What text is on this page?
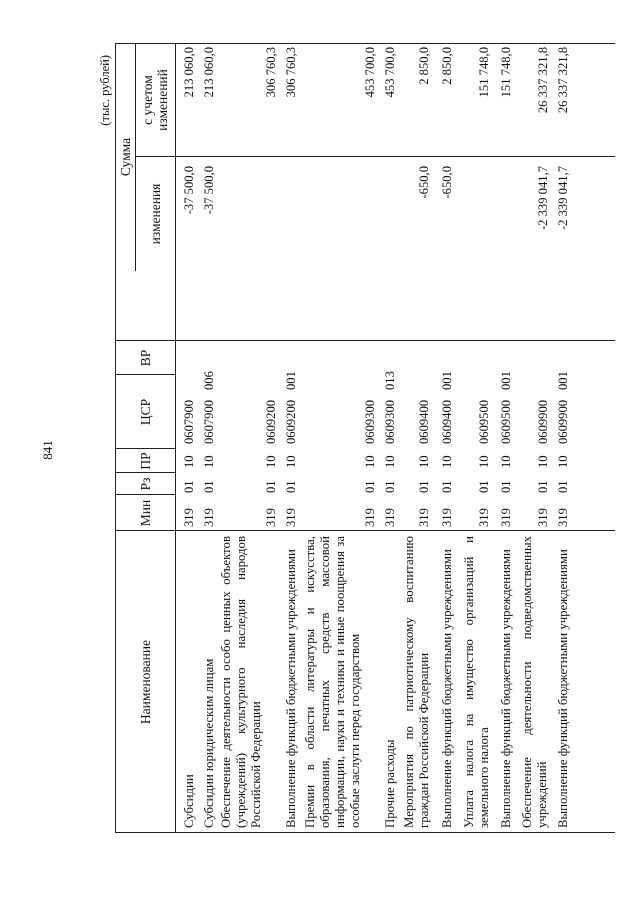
841
(тыс. рублей)
Наименование
Мин
Рз
ПР
ЦСР
ВР
Сумма
изменения
с учетом изменений
Субсидии
319
01
10
0607900
-37 500,0
213 060,0
Субсидии юридическим лицам
319
01
10
0607900
006
-37 500,0
213 060,0
Обеспечение деятельности особо ценных объектов (учреждений) культурного наследия народов Российской Федерации
319
01
10
0609200
306 760,3
Выполнение функций бюджетными учреждениями
319
01
10
0609200
001
306 760,3
Премии в области литературы и искусства, образования, печатных средств массовой информации, науки и техники и иные поощрения за особые заслуги перед государством
319
01
10
0609300
453 700,0
Прочие расходы
319
01
10
0609300
013
453 700,0
Мероприятия по патриотическому воспитанию граждан Российской Федерации
319
01
10
0609400
-650,0
2 850,0
Выполнение функций бюджетными учреждениями
319
01
10
0609400
001
-650,0
2 850,0
Уплата налога на имущество организаций и земельного налога
319
01
10
0609500
151 748,0
Выполнение функций бюджетными учреждениями
319
01
10
0609500
001
151 748,0
Обеспечение деятельности подведомственных учреждений
319
01
10
0609900
-2 339 041,7
26 337 321,8
Выполнение функций бюджетными учреждениями
319
01
10
0609900
001
-2 339 041,7
26 337 321,8
